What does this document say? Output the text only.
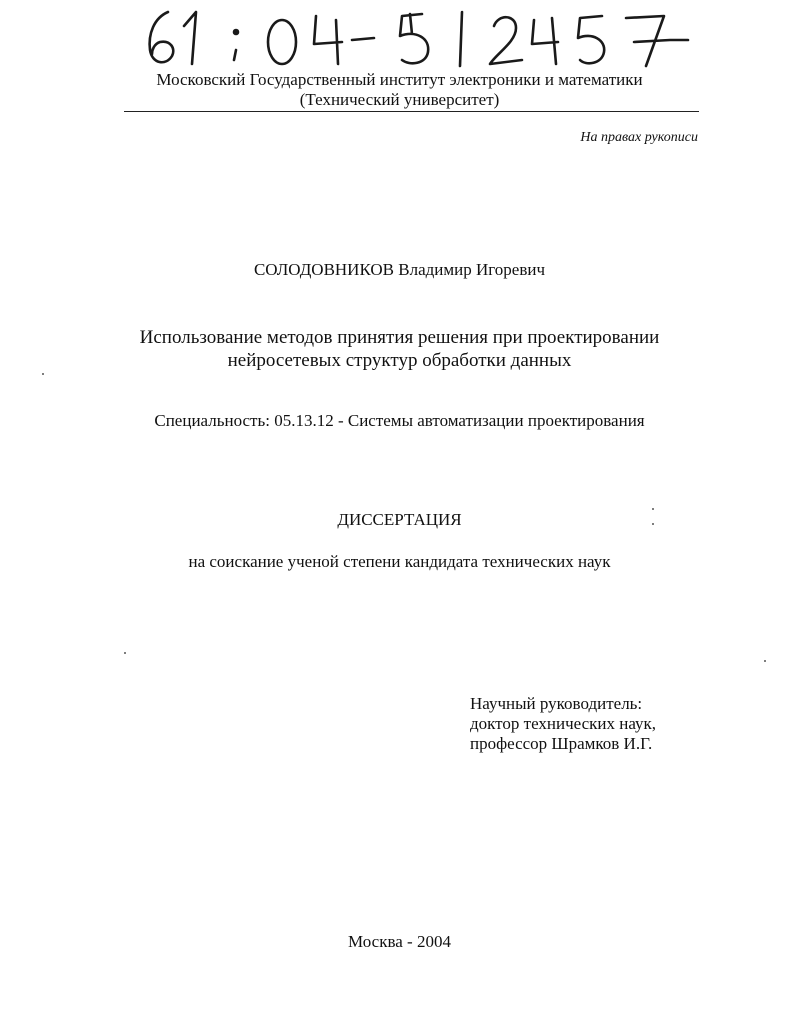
Московский Государственный институт электроники и математики
(Технический университет)
На правах рукописи
СОЛОДОВНИКОВ Владимир Игоревич
Использование методов принятия решения при проектировании
нейросетевых структур обработки данных
Специальность: 05.13.12 - Системы автоматизации проектирования
ДИССЕРТАЦИЯ
на соискание ученой степени кандидата технических наук
Научный руководитель:
доктор технических наук,
профессор Шрамков И.Г.
Москва - 2004
